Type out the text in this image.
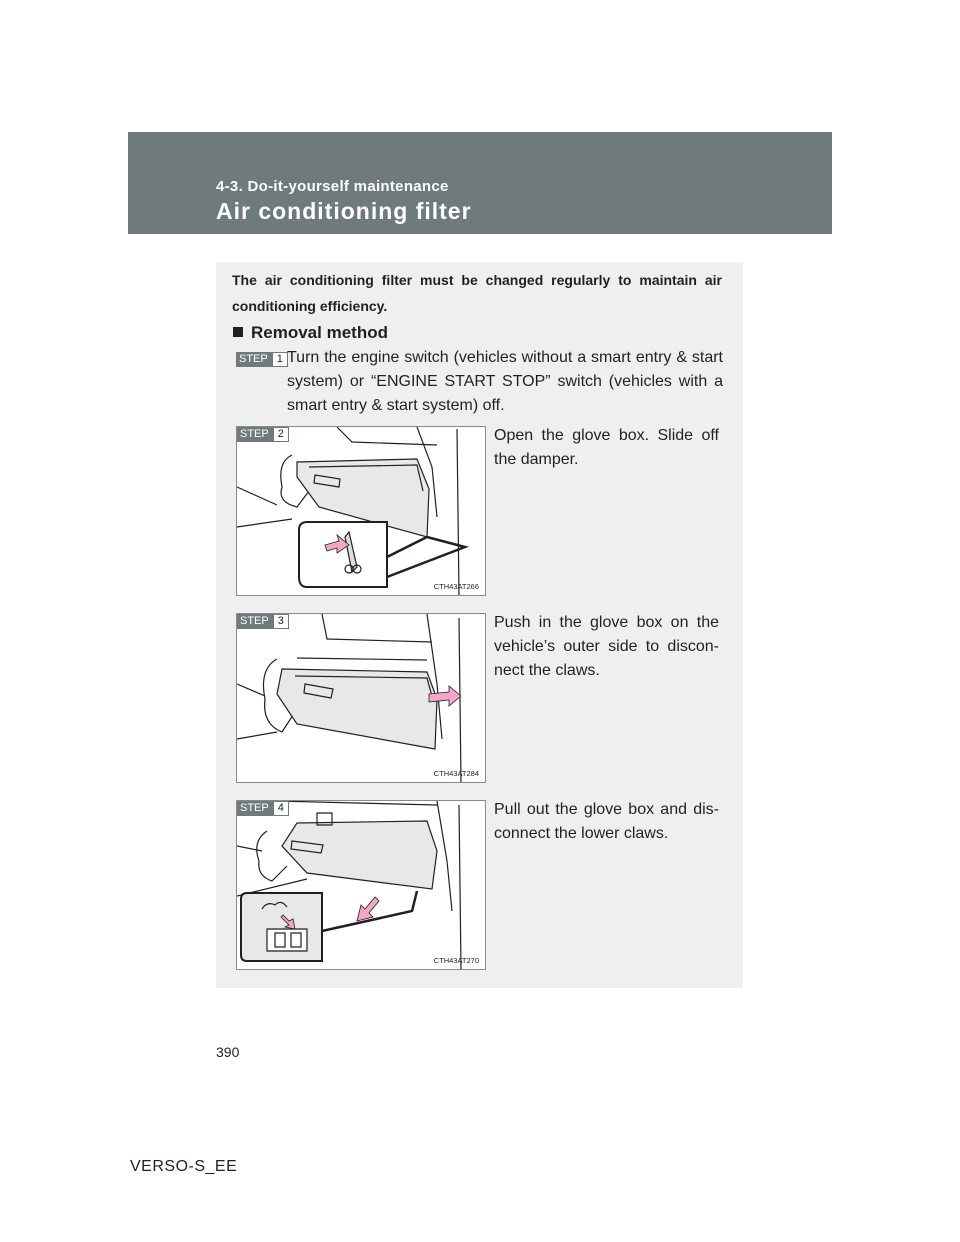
4-3. Do-it-yourself maintenance
Air conditioning filter
The air conditioning filter must be changed regularly to maintain air conditioning efficiency.
Removal method
STEP 1 Turn the engine switch (vehicles without a smart entry & start system) or “ENGINE START STOP” switch (vehicles with a smart entry & start system) off.
STEP 2
CTH43AT266
Open the glove box. Slide off the damper.
STEP 3
CTH43AT284
Push in the glove box on the vehicle’s outer side to discon-nect the claws.
STEP 4
CTH43AT270
Pull out the glove box and dis-connect the lower claws.
390
VERSO-S_EE
